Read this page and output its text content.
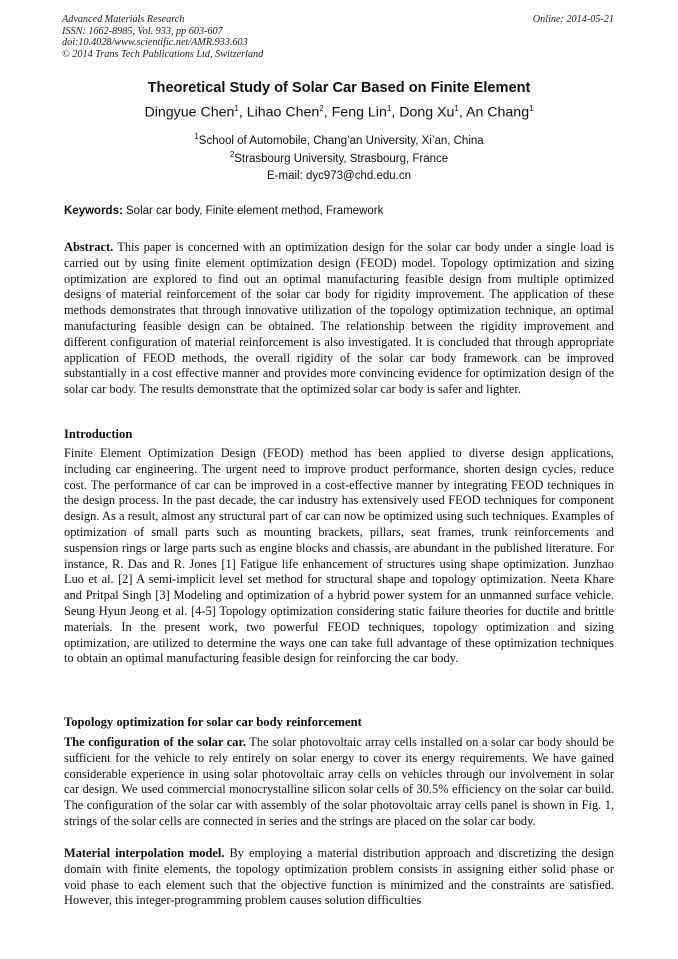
Advanced Materials Research
ISSN: 1662-8985, Vol. 933, pp 603-607
doi:10.4028/www.scientific.net/AMR.933.603
© 2014 Trans Tech Publications Ltd, Switzerland
Online: 2014-05-21
Theoretical Study of Solar Car Based on Finite Element
Dingyue Chen$^1$, Lihao Chen$^2$, Feng Lin$^1$, Dong Xu$^1$, An Chang$^1$
$^1$School of Automobile, Chang’an University, Xi’an, China
$^2$Strasbourg University, Strasbourg, France
E-mail: dyc973@chd.edu.cn
Keywords: Solar car body, Finite element method, Framework
Abstract. This paper is concerned with an optimization design for the solar car body under a single load is carried out by using finite element optimization design (FEOD) model. Topology optimization and sizing optimization are explored to find out an optimal manufacturing feasible design from multiple optimized designs of material reinforcement of the solar car body for rigidity improvement. The application of these methods demonstrates that through innovative utilization of the topology optimization technique, an optimal manufacturing feasible design can be obtained. The relationship between the rigidity improvement and different configuration of material reinforcement is also investigated. It is concluded that through appropriate application of FEOD methods, the overall rigidity of the solar car body framework can be improved substantially in a cost effective manner and provides more convincing evidence for optimization design of the solar car body. The results demonstrate that the optimized solar car body is safer and lighter.
Introduction
Finite Element Optimization Design (FEOD) method has been applied to diverse design applications, including car engineering. The urgent need to improve product performance, shorten design cycles, reduce cost. The performance of car can be improved in a cost-effective manner by integrating FEOD techniques in the design process. In the past decade, the car industry has extensively used FEOD techniques for component design. As a result, almost any structural part of car can now be optimized using such techniques. Examples of optimization of small parts such as mounting brackets, pillars, seat frames, trunk reinforcements and suspension rings or large parts such as engine blocks and chassis, are abundant in the published literature. For instance, R. Das and R. Jones [1] Fatigue life enhancement of structures using shape optimization. Junzhao Luo et al. [2] A semi-implicit level set method for structural shape and topology optimization. Neeta Khare and Pritpal Singh [3] Modeling and optimization of a hybrid power system for an unmanned surface vehicle. Seung Hyun Jeong et al. [4-5] Topology optimization considering static failure theories for ductile and brittle materials. In the present work, two powerful FEOD techniques, topology optimization and sizing optimization, are utilized to determine the ways one can take full advantage of these optimization techniques to obtain an optimal manufacturing feasible design for reinforcing the car body.
Topology optimization for solar car body reinforcement
The configuration of the solar car. The solar photovoltaic array cells installed on a solar car body should be sufficient for the vehicle to rely entirely on solar energy to cover its energy requirements. We have gained considerable experience in using solar photovoltaic array cells on vehicles through our involvement in solar car design. We used commercial monocrystalline silicon solar cells of 30.5% efficiency on the solar car build. The configuration of the solar car with assembly of the solar photovoltaic array cells panel is shown in Fig. 1, strings of the solar cells are connected in series and the strings are placed on the solar car body.
Material interpolation model. By employing a material distribution approach and discretizing the design domain with finite elements, the topology optimization problem consists in assigning either solid phase or void phase to each element such that the objective function is minimized and the constraints are satisfied. However, this integer-programming problem causes solution difficulties
